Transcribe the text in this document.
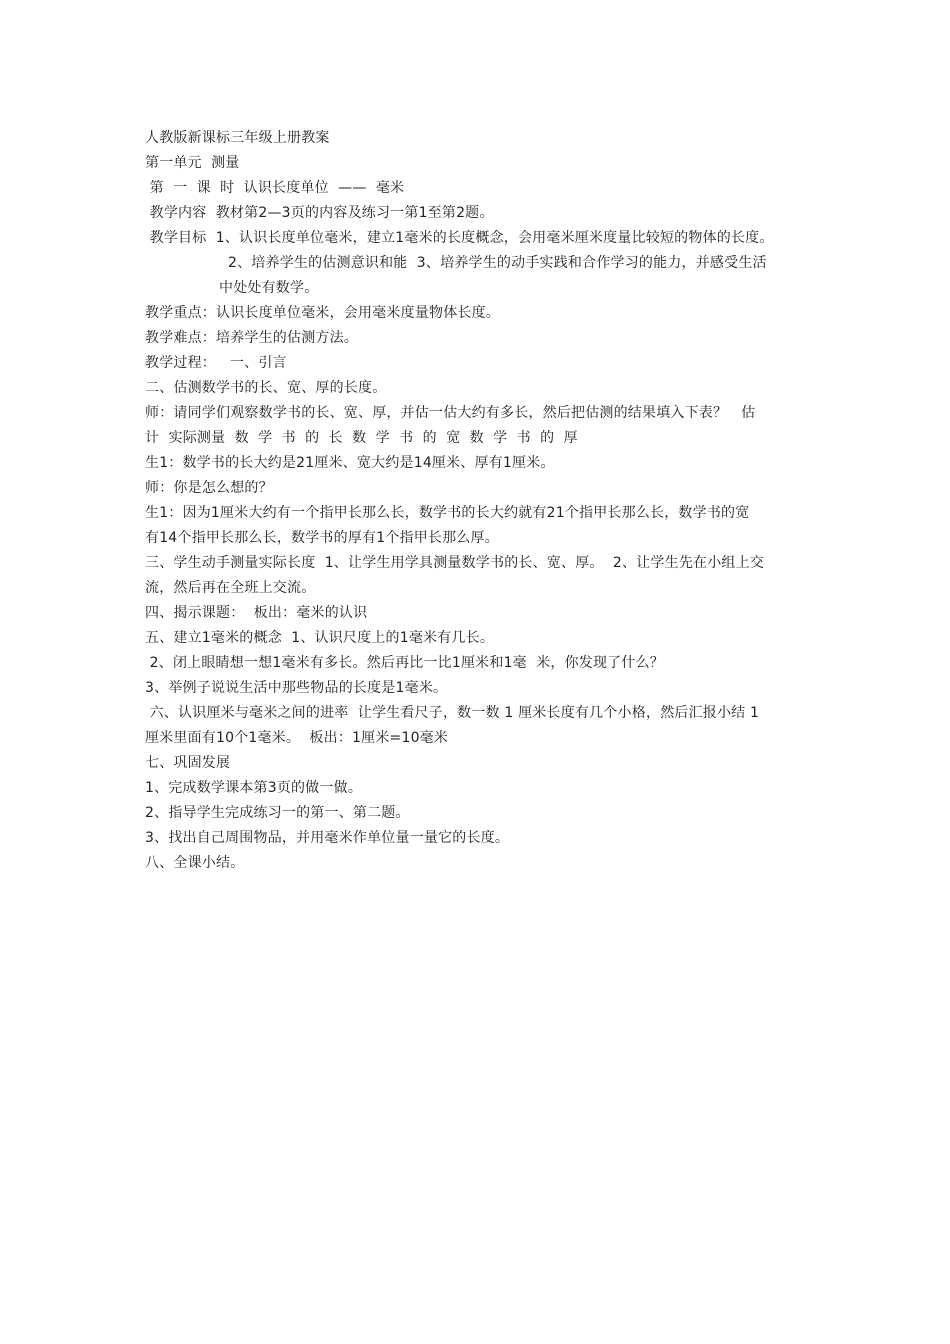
人教版新课标三年级上册教案
第一单元  测量
第  一  课  时  认识长度单位  ——  毫米
教学内容  教材第2—3页的内容及练习一第1至第2题。
教学目标  1、认识长度单位毫米，建立1毫米的长度概念，会用毫米厘米度量比较短的物体的长度。
2、培养学生的估测意识和能  3、培养学生的动手实践和合作学习的能力，并感受生活
中处处有数学。
教学重点：认识长度单位毫米，会用毫米度量物体长度。
教学难点：培养学生的估测方法。
教学过程：   一、引言
二、估测数学书的长、宽、厚的长度。
师：请同学们观察数学书的长、宽、厚，并估一估大约有多长，然后把估测的结果填入下表？   估
计  实际测量  数  学  书  的  长  数  学  书  的  宽  数  学  书  的  厚
生1：数学书的长大约是21厘米、宽大约是14厘米、厚有1厘米。
师：你是怎么想的？
生1：因为1厘米大约有一个指甲长那么长，数学书的长大约就有21个指甲长那么长，数学书的宽
有14个指甲长那么长，数学书的厚有1个指甲长那么厚。
三、学生动手测量实际长度  1、让学生用学具测量数学书的长、宽、厚。  2、让学生先在小组上交
流，然后再在全班上交流。
四、揭示课题：  板出：毫米的认识
五、建立1毫米的概念  1、认识尺度上的1毫米有几长。
2、闭上眼睛想一想1毫米有多长。然后再比一比1厘米和1毫  米，你发现了什么？
3、举例子说说生活中那些物品的长度是1毫米。
六、认识厘米与毫米之间的进率  让学生看尺子，数一数 1 厘米长度有几个小格，然后汇报小结 1
厘米里面有10个1毫米。  板出：1厘米=10毫米
七、巩固发展
1、完成数学课本第3页的做一做。
2、指导学生完成练习一的第一、第二题。
3、找出自己周围物品，并用毫米作单位量一量它的长度。
八、全课小结。
